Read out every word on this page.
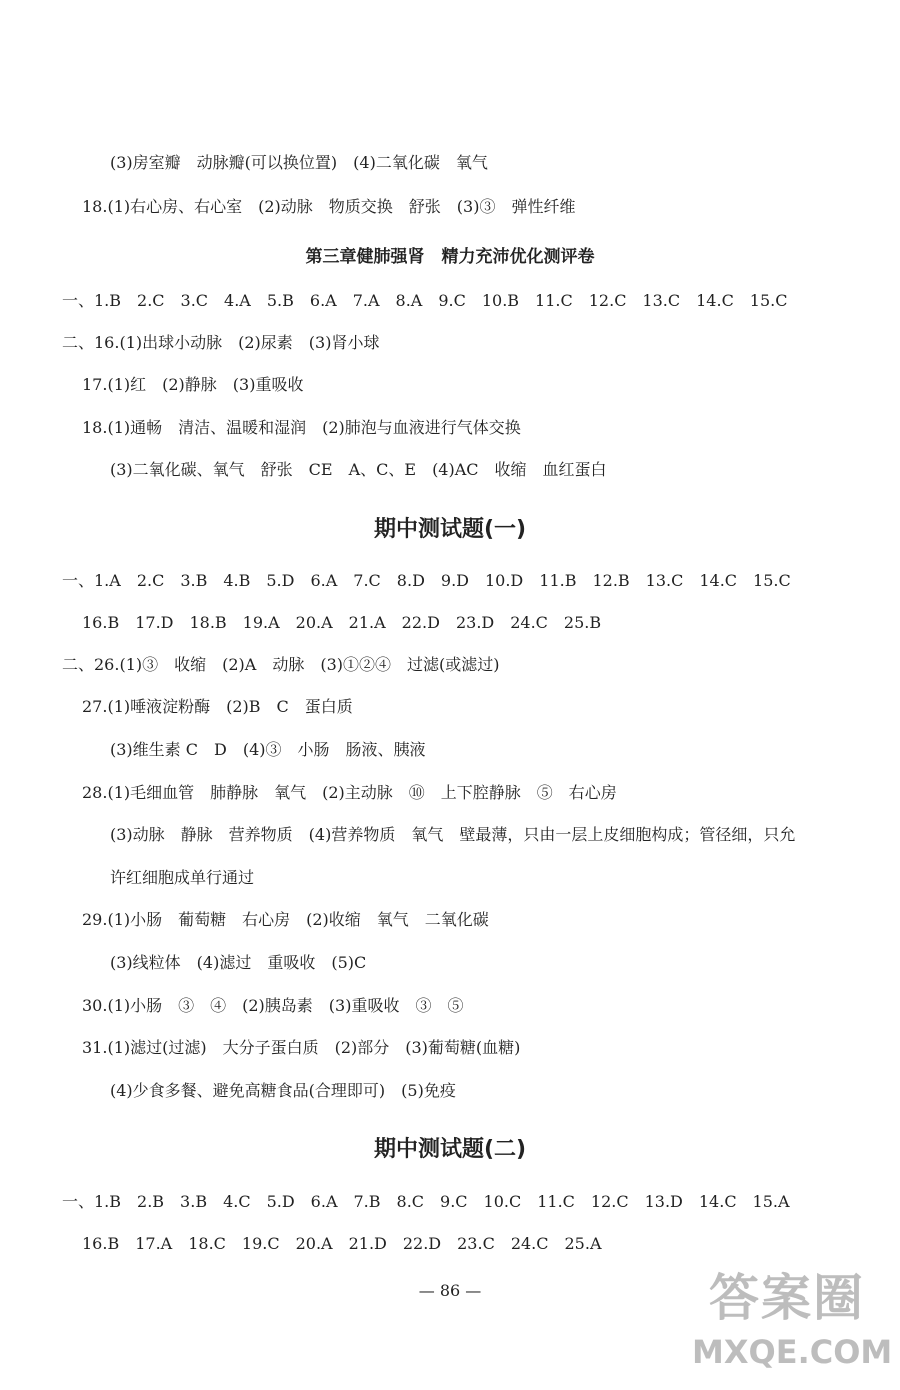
(3)房室瓣　动脉瓣(可以换位置)　(4)二氧化碳　氧气
18.(1)右心房、右心室　(2)动脉　物质交换　舒张　(3)③　弹性纤维
第三章健肺强肾　精力充沛优化测评卷
一、1.B　2.C　3.C　4.A　5.B　6.A　7.A　8.A　9.C　10.B　11.C　12.C　13.C　14.C　15.C
二、16.(1)出球小动脉　(2)尿素　(3)肾小球
17.(1)红　(2)静脉　(3)重吸收
18.(1)通畅　清洁、温暖和湿润　(2)肺泡与血液进行气体交换
(3)二氧化碳、氧气　舒张　CE　A、C、E　(4)AC　收缩　血红蛋白
期中测试题(一)
一、1.A　2.C　3.B　4.B　5.D　6.A　7.C　8.D　9.D　10.D　11.B　12.B　13.C　14.C　15.C
16.B　17.D　18.B　19.A　20.A　21.A　22.D　23.D　24.C　25.B
二、26.(1)③　收缩　(2)A　动脉　(3)①②④　过滤(或滤过)
27.(1)唾液淀粉酶　(2)B　C　蛋白质
(3)维生素 C　D　(4)③　小肠　肠液、胰液
28.(1)毛细血管　肺静脉　氧气　(2)主动脉　⑩　上下腔静脉　⑤　右心房
(3)动脉　静脉　营养物质　(4)营养物质　氧气　壁最薄，只由一层上皮细胞构成；管径细，只允
许红细胞成单行通过
29.(1)小肠　葡萄糖　右心房　(2)收缩　氧气　二氧化碳
(3)线粒体　(4)滤过　重吸收　(5)C
30.(1)小肠　③　④　(2)胰岛素　(3)重吸收　③　⑤
31.(1)滤过(过滤)　大分子蛋白质　(2)部分　(3)葡萄糖(血糖)
(4)少食多餐、避免高糖食品(合理即可)　(5)免疫
期中测试题(二)
一、1.B　2.B　3.B　4.C　5.D　6.A　7.B　8.C　9.C　10.C　11.C　12.C　13.D　14.C　15.A
16.B　17.A　18.C　19.C　20.A　21.D　22.D　23.C　24.C　25.A
— 86 —	答案圈
MXQE.COM
